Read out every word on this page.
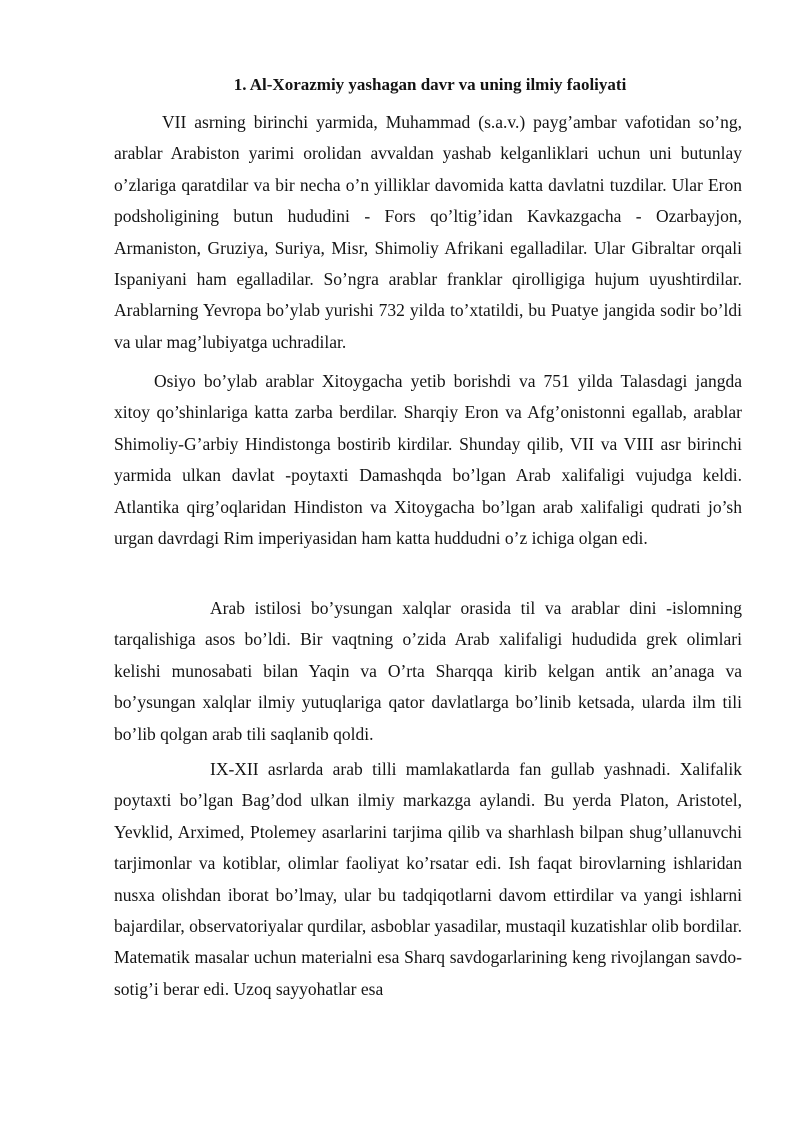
1. Al-Xorazmiy yashagan davr va uning ilmiy faoliyati

VII asrning birinchi yarmida, Muhammad (s.a.v.) payg’ambar vafotidan so’ng, arablar Arabiston yarimi orolidan avvaldan yashab kelganliklari uchun uni butunlay o’zlariga qaratdilar va bir necha o’n yilliklar davomida katta davlatni tuzdilar. Ular Eron podsholigining butun hududini - Fors qo’ltig’idan Kavkazgacha - Ozarbayjon, Armaniston, Gruziya, Suriya, Misr, Shimoliy Afrikani egalladilar. Ular Gibraltar orqali Ispaniyani ham egalladilar. So’ngra arablar franklar qirolligiga hujum uyushtirdilar. Arablarning Yevropa bo’ylab yurishi 732 yilda to’xtatildi, bu Puatye jangida sodir bo’ldi va ular mag’lubiyatga uchradilar.

Osiyo bo’ylab arablar Xitoygacha yetib borishdi va 751 yilda Talasdagi jangda xitoy qo’shinlariga katta zarba berdilar. Sharqiy Eron va Afg’onistonni egallab, arablar Shimoliy-G’arbiy Hindistonga bostirib kirdilar. Shunday qilib, VII va VIII asr birinchi yarmida ulkan davlat -poytaxti Damashqda bo’lgan Arab xalifaligi vujudga keldi. Atlantika qirg’oqlaridan Hindiston va Xitoygacha bo’lgan arab xalifaligi qudrati jo’sh urgan davrdagi Rim imperiyasidan ham katta huddudni o’z ichiga olgan edi.

Arab istilosi bo’ysungan xalqlar orasida til va arablar dini -islomning tarqalishiga asos bo’ldi. Bir vaqtning o’zida Arab xalifaligi hududida grek olimlari kelishi munosabati bilan Yaqin va O’rta Sharqqa kirib kelgan antik an’anaga va bo’ysungan xalqlar ilmiy yutuqlariga qator davlatlarga bo’linib ketsada, ularda ilm tili bo’lib qolgan arab tili saqlanib qoldi.

IX-XII asrlarda arab tilli mamlakatlarda fan gullab yashnadi. Xalifalik poytaxti bo’lgan Bag’dod ulkan ilmiy markazga aylandi. Bu yerda Platon, Aristotel, Yevklid, Arximed, Ptolemey asarlarini tarjima qilib va sharhlash bilpan shug’ullanuvchi tarjimonlar va kotiblar, olimlar faoliyat ko’rsatar edi. Ish faqat birovlarning ishlaridan nusxa olishdan iborat bo’lmay, ular bu tadqiqotlarni davom ettirdilar va yangi ishlarni bajardilar, observatoriyalar qurdilar, asboblar yasadilar, mustaqil kuzatishlar olib bordilar. Matematik masalar uchun materialni esa Sharq savdogarlarining keng rivojlangan savdo-sotig’i berar edi. Uzoq sayyohatlar esa
